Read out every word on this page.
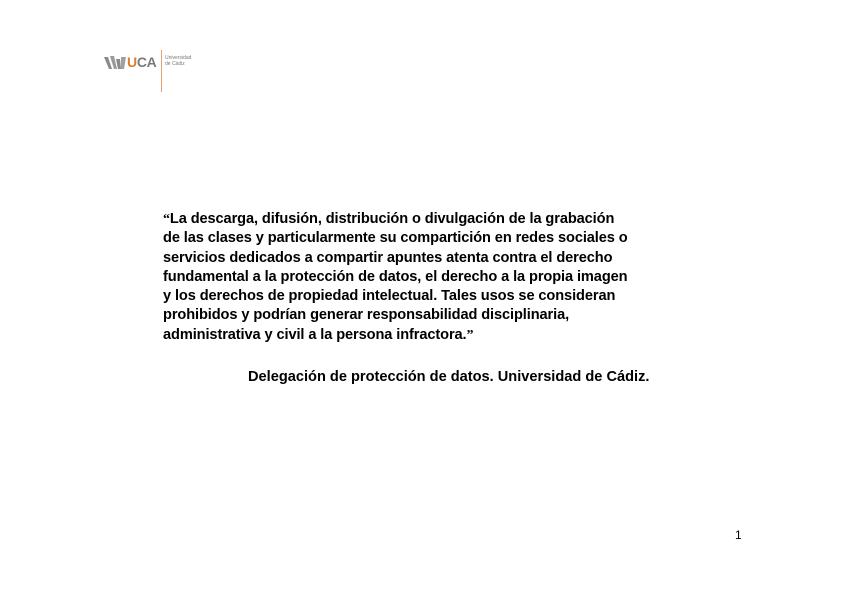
UCA Universidad
de Cádiz

“La descarga, difusión, distribución o divulgación de la grabación
de las clases y particularmente su compartición en redes sociales o
servicios dedicados a compartir apuntes atenta contra el derecho
fundamental a la protección de datos, el derecho a la propia imagen
y los derechos de propiedad intelectual. Tales usos se consideran
prohibidos y podrían generar responsabilidad disciplinaria,
administrativa y civil a la persona infractora.”

Delegación de protección de datos. Universidad de Cádiz.

1
